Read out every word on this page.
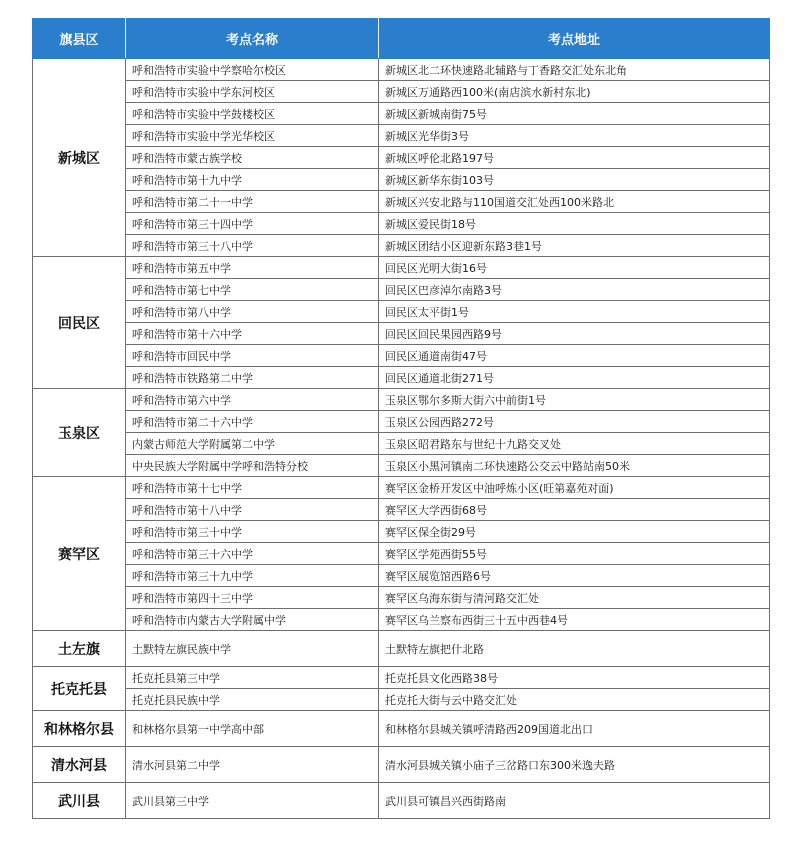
旗县区	考点名称	考点地址
新城区	呼和浩特市实验中学察哈尔校区	新城区北二环快速路北辅路与丁香路交汇处东北角
	呼和浩特市实验中学东河校区	新城区万通路西100米(南店滨水新村东北)
	呼和浩特市实验中学鼓楼校区	新城区新城南街75号
	呼和浩特市实验中学光华校区	新城区光华街3号
	呼和浩特市蒙古族学校	新城区呼伦北路197号
	呼和浩特市第十九中学	新城区新华东街103号
	呼和浩特市第二十一中学	新城区兴安北路与110国道交汇处西100米路北
	呼和浩特市第三十四中学	新城区爱民街18号
	呼和浩特市第三十八中学	新城区团结小区迎新东路3巷1号
回民区	呼和浩特市第五中学	回民区光明大街16号
	呼和浩特市第七中学	回民区巴彦淖尔南路3号
	呼和浩特市第八中学	回民区太平街1号
	呼和浩特市第十六中学	回民区回民果园西路9号
	呼和浩特市回民中学	回民区通道南街47号
	呼和浩特市铁路第二中学	回民区通道北街271号
玉泉区	呼和浩特市第六中学	玉泉区鄂尔多斯大街六中前街1号
	呼和浩特市第二十六中学	玉泉区公园西路272号
	内蒙古师范大学附属第二中学	玉泉区昭君路东与世纪十九路交叉处
	中央民族大学附属中学呼和浩特分校	玉泉区小黑河镇南二环快速路公交云中路站南50米
赛罕区	呼和浩特市第十七中学	赛罕区金桥开发区中油呼炼小区(旺第嘉苑对面)
	呼和浩特市第十八中学	赛罕区大学西街68号
	呼和浩特市第三十中学	赛罕区保全街29号
	呼和浩特市第三十六中学	赛罕区学苑西街55号
	呼和浩特市第三十九中学	赛罕区展览馆西路6号
	呼和浩特市第四十三中学	赛罕区乌海东街与清河路交汇处
	呼和浩特市内蒙古大学附属中学	赛罕区乌兰察布西街三十五中西巷4号
土左旗	土默特左旗民族中学	土默特左旗把什北路
托克托县	托克托县第三中学	托克托县文化西路38号
	托克托县民族中学	托克托大街与云中路交汇处
和林格尔县	和林格尔县第一中学高中部	和林格尔县城关镇呼清路西209国道北出口
清水河县	清水河县第二中学	清水河县城关镇小庙子三岔路口东300米逸夫路
武川县	武川县第三中学	武川县可镇昌兴西街路南
